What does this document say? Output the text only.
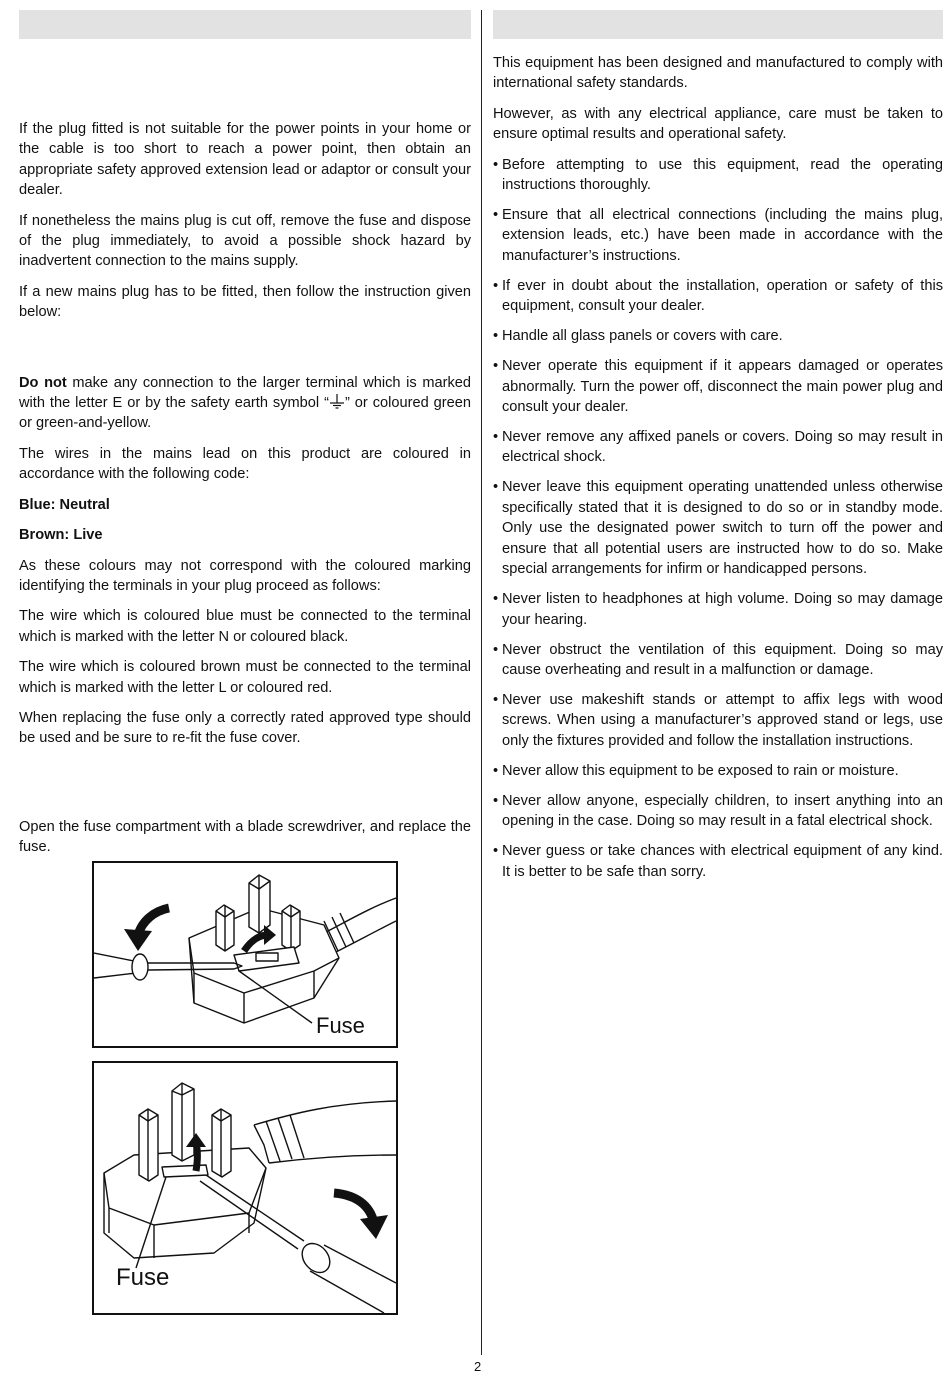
If the plug fitted is not suitable for the power points in your home or the cable is too short to reach a power point, then obtain an appropriate safety approved extension lead or adaptor or consult your dealer.

If nonetheless the mains plug is cut off, remove the fuse and dispose of the plug immediately, to avoid a possible shock hazard by inadvertent connection to the mains supply.

If a new mains plug has to be fitted, then follow the instruction given below:

Do not make any connection to the larger terminal which is marked with the letter E or by the safety earth symbol “ ” or coloured green or green-and-yellow.

The wires in the mains lead on this product are coloured in accordance with the following code:

Blue: Neutral

Brown: Live

As these colours may not correspond with the coloured marking identifying the terminals in your plug proceed as follows:

The wire which is coloured blue must be connected to the terminal which is marked with the letter N or coloured black.

The wire which is coloured brown must be connected to the terminal which is marked with the letter L or coloured red.

When replacing the fuse only a correctly rated approved type should be used and be sure to re-fit the fuse cover.

Open the fuse compartment with a blade screwdriver, and replace the fuse.

Fuse
Fuse

This equipment has been designed and manufactured to comply with international safety standards.

However, as with any electrical appliance, care must be taken to ensure optimal results and operational safety.

• Before attempting to use this equipment, read the operating instructions thoroughly.
• Ensure that all electrical connections (including the mains plug, extension leads, etc.) have been made in accordance with the manufacturer’s instructions.
• If ever in doubt about the installation, operation or safety of this equipment, consult your dealer.
• Handle all glass panels or covers with care.
• Never operate this equipment if it appears damaged or operates abnormally. Turn the power off, disconnect the main power plug and consult your dealer.
• Never remove any affixed panels or covers. Doing so may result in electrical shock.
• Never leave this equipment operating unattended unless otherwise specifically stated that it is designed to do so or in standby mode. Only use the designated power switch to turn off the power and ensure that all potential users are instructed how to do so. Make special arrangements for infirm or handicapped persons.
• Never listen to headphones at high volume. Doing so may damage your hearing.
• Never obstruct the ventilation of this equipment. Doing so may cause overheating and result in a malfunction or damage.
• Never use makeshift stands or attempt to affix legs with wood screws. When using a manufacturer’s approved stand or legs, use only the fixtures provided and follow the installation instructions.
• Never allow this equipment to be exposed to rain or moisture.
• Never allow anyone, especially children, to insert anything into an opening in the case. Doing so may result in a fatal electrical shock.
• Never guess or take chances with electrical equipment of any kind. It is better to be safe than sorry.
2
